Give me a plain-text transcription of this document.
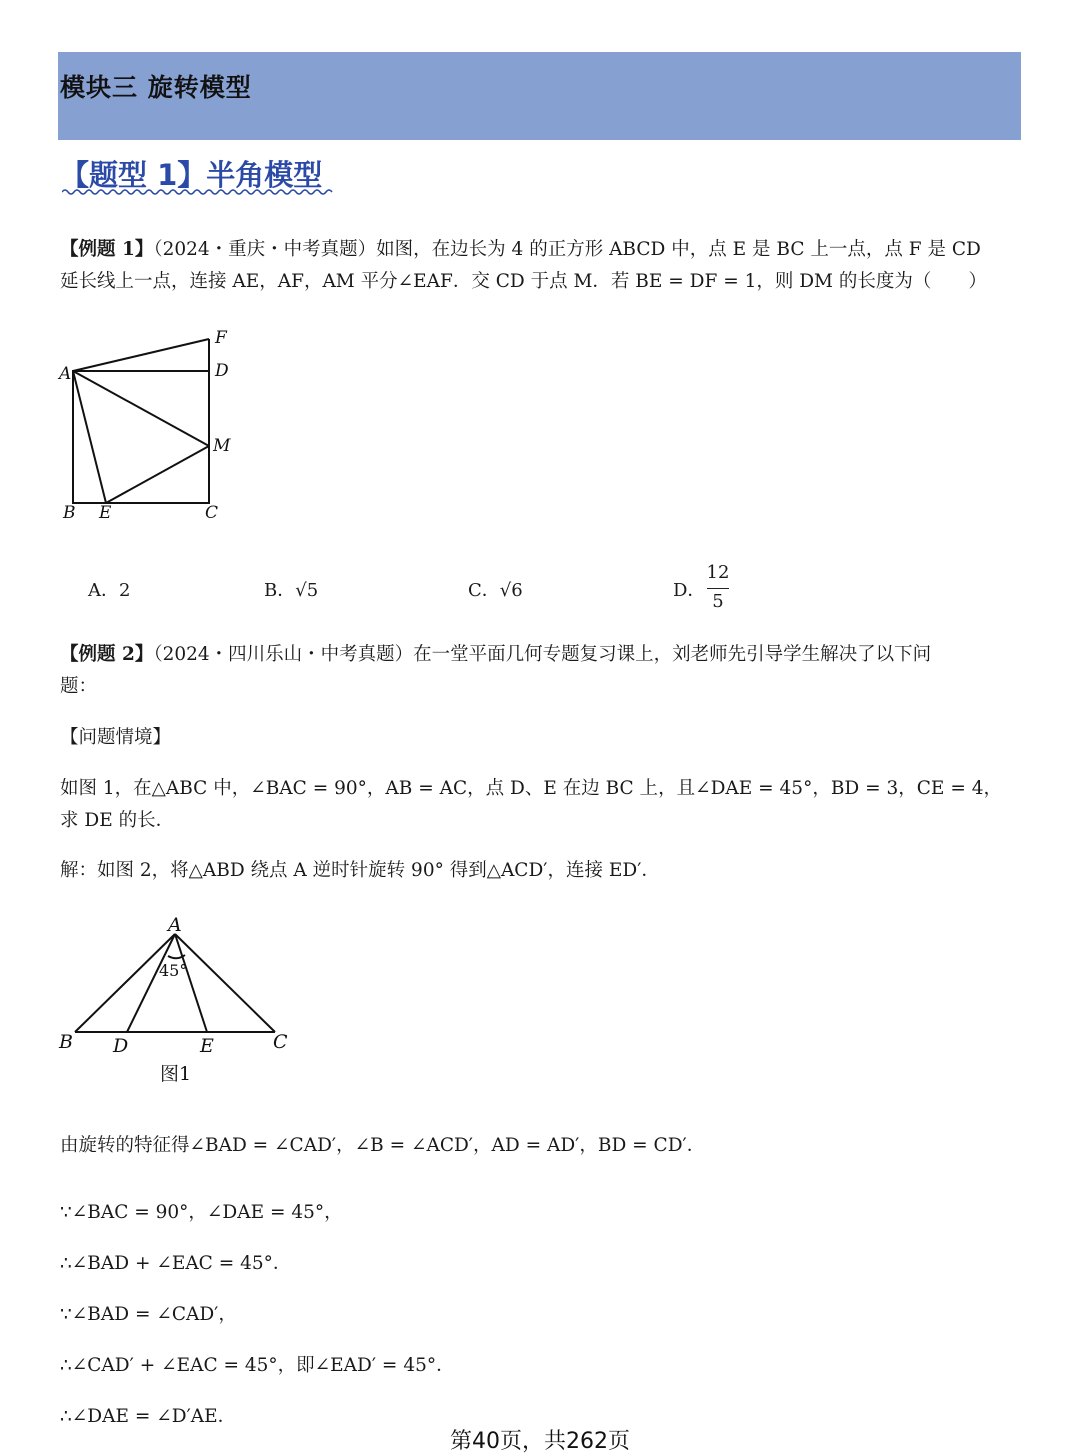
模块三 旋转模型
【题型 1】半角模型
【例题 1】（2024・重庆・中考真题）如图，在边长为 4 的正方形 ABCD 中，点 E 是 BC 上一点，点 F 是 CD
延长线上一点，连接 AE，AF，AM 平分∠EAF．交 CD 于点 M．若 BE = DF = 1，则 DM 的长度为（　　）
A
F
D
M
B E	C
A．2	B．√5	C．√6	D．
12
5
【例题 2】（2024・四川乐山・中考真题）在一堂平面几何专题复习课上，刘老师先引导学生解决了以下问
题：
【问题情境】
如图 1，在△ABC 中，∠BAC = 90°，AB = AC，点 D、E 在边 BC 上，且∠DAE = 45°，BD = 3，CE = 4，
求 DE 的长．
解：如图 2，将△ABD 绕点 A 逆时针旋转 90° 得到△ACD′，连接 ED′．
A
B D	E	C
45°
图1
由旋转的特征得∠BAD = ∠CAD′，∠B = ∠ACD′，AD = AD′，BD = CD′．
∵∠BAC = 90°，∠DAE = 45°，
∴∠BAD + ∠EAC = 45°．
∵∠BAD = ∠CAD′，
∴∠CAD′ + ∠EAC = 45°，即∠EAD′ = 45°．
∴∠DAE = ∠D′AE．
第40页，共262页
